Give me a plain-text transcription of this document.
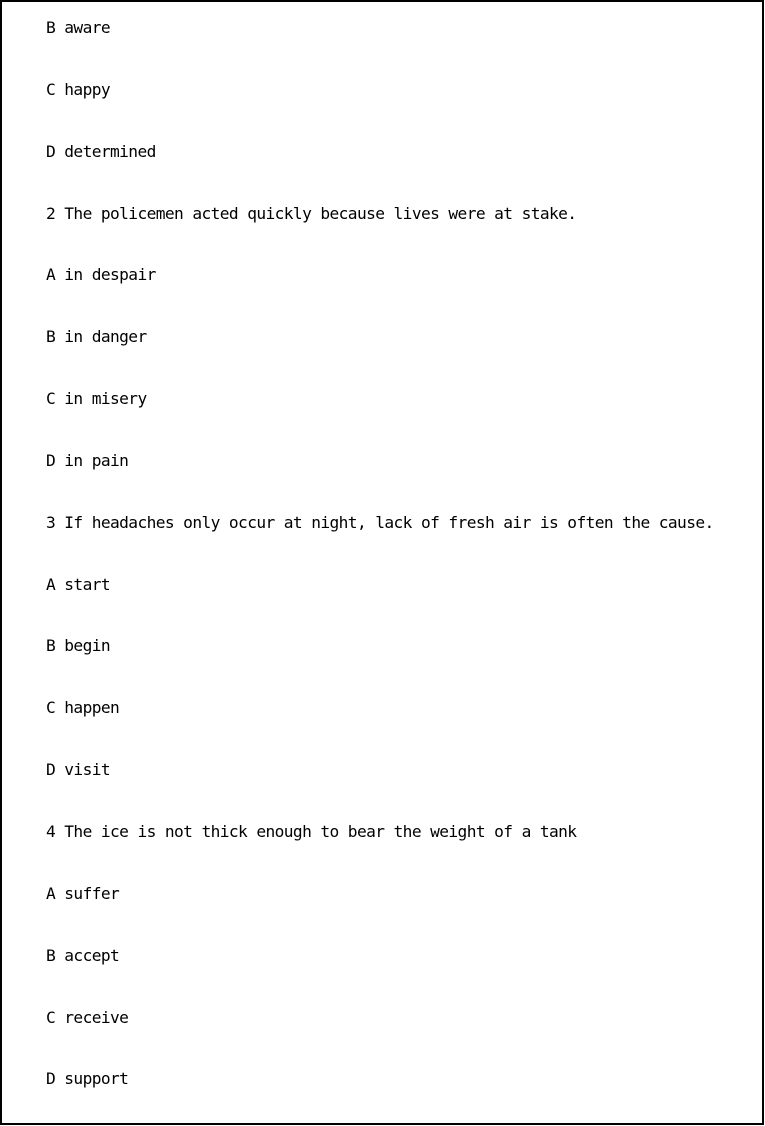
B aware
C happy
D determined
2 The policemen acted quickly because lives were at stake.
A in despair
B in danger
C in misery
D in pain
3 If headaches only occur at night, lack of fresh air is often the cause.
A start
B begin
C happen
D visit
4 The ice is not thick enough to bear the weight of a tank
A suffer
B accept
C receive
D support
